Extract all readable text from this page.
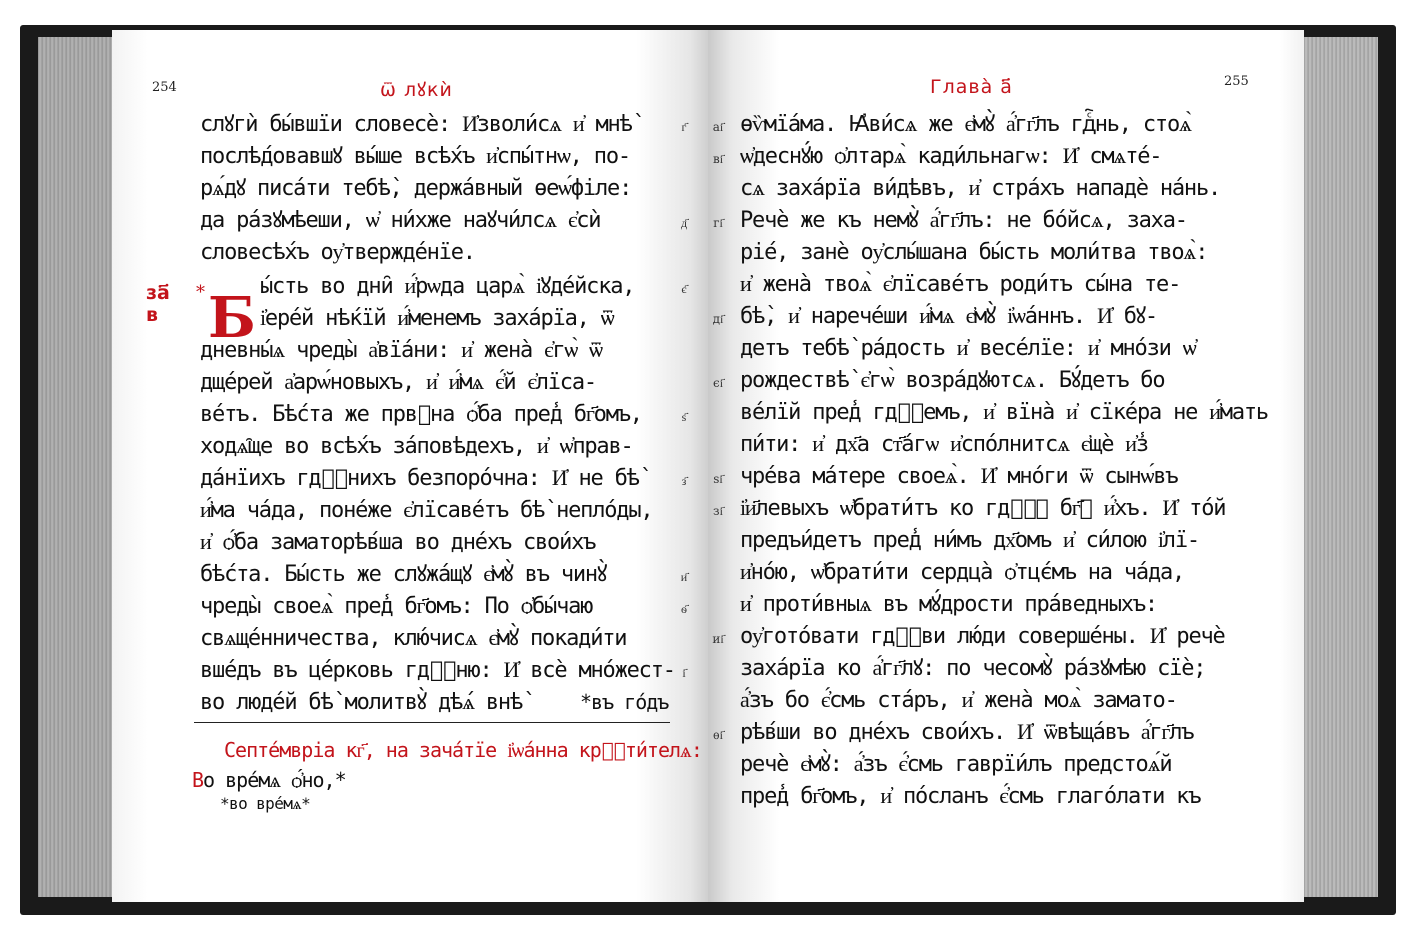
254	ѿ лꙋкѝ
за҃
в
* Б
слꙋгѝ бы́вшїи словесѐ: И҆зволи́сѧ и҆ мнѣ̀
послѣ́довавшꙋ вы́ше всѣ́хъ и҆спы́тнѡ, по-
рѧ́дꙋ писа́ти тебѣ̀, держа́вный ѳеѡ́філе:
да ра́зꙋмѣеши, ѡ҆ ни́хже наꙋчи́лсѧ є҆сѝ
словесѣ́хъ оу҆твержде́нїе.
ы́сть во дни̑ и҆́рѡда царѧ̀ і҆ꙋде́йска,
і҆ере́й нѣ́кїй и҆́менемъ заха́рїа, ѿ
дневны́ѧ чреды̀ а҆вїа́ни: и҆ жена̀ є҆гѡ̀ ѿ
дще́рей а҆арѡ́новыхъ, и҆ и҆́мѧ є҆́й є҆лїса-
ве́тъ. Бѣ́ста же првⷣна ѻ҆́ба пред̾ бг҃омъ,
ходѧ̑ще во всѣ́хъ за́повѣдехъ, и҆ ѡ҆прав-
да́нїихъ гдⷭ҇нихъ безпоро́чна: И҆ не бѣ̀
и҆́ма ча́да, поне́же є҆лїсаве́тъ бѣ̀ непло́ды,
и҆ ѻ҆́ба заматорѣ́вша во дне́хъ свои́хъ
бѣ́ста. Бы́сть же слꙋжа́щꙋ є҆мꙋ̀ въ чинꙋ̀
чреды̀ своеѧ̀ пред̾ бг҃омъ: По ѻ҆бы́чаю
свѧще́нничества, клю́чисѧ є҆мꙋ̀ покади́ти
вше́дъ въ це́рковь гдⷭ҇ню: И҆ всѐ мно́жест-
во люде́й бѣ̀ молитвꙋ̀ дѣ́ѧ внѣ̀	*въ го́дъ
г҃
д҃
є҃
ѕ҃
з҃
и҃
ѳ҃
і҃
Септе́мвріа кг҃, на зача́тїе і҆ѡа́нна крⷭ҇ти́телѧ:
Во вре́мѧ ѻ҆́но,*
*во вре́мѧ*
Глава̀ а҃	255
ѳѷмїа́ма. Ꙗ҆ви́сѧ же є҆мꙋ̀ а҆́гг҃лъ гдⷭ҇нь, стоѧ̀
ѡ҆деснꙋ́ю ѻ҆лтарѧ̀ кади́льнагѡ: И҆ смѧте́-
сѧ заха́рїа ви́дѣвъ, и҆ стра́хъ нападѐ на́нь.
Речѐ же къ немꙋ̀ а҆́гг҃лъ: не бо́йсѧ, заха-
рі́е, занѐ оу҆слы́шана бы́сть моли́тва твоѧ̀:
и҆ жена̀ твоѧ̀ є҆лїсаве́тъ роди́тъ сы́на те-
бѣ̀, и҆ нарече́ши и҆́мѧ є҆мꙋ̀ і҆ѡа́ннъ. И҆ бꙋ-
детъ тебѣ̀ ра́дость и҆ весе́лїе: и҆ мно́зи ѡ҆
рождествѣ̀ є҆гѡ̀ возра́дꙋютсѧ. Бꙋ́детъ бо
ве́лїй пред̾ гдⷭ҇емъ, и҆ вїна̀ и҆ сїке́ра не и҆́мать
пи́ти: и҆ дх҃а ст҃а́гѡ и҆спо́лнитсѧ є҆щѐ и҆з̾
чре́ва ма́тере своеѧ̀. И҆ мно́ги ѿ сынѡ́въ
і҆и҃левыхъ ѡ҆брати́тъ ко гдⷭ҇ꙋ бг҃ꙋ и҆́хъ. И҆ то́й
предъи́детъ пред̾ ни́мъ дх҃омъ и҆ си́лою і҆лї-
и҆но́ю, ѡ҆брати́ти сердца̀ ѻ҆тцє́мъ на ча́да,
и҆ проти́вныѧ въ мꙋ́дрости пра́ведныхъ:
оу҆гото́вати гдⷭ҇ви лю́ди соверше́ны. И҆ речѐ
заха́рїа ко а҆́гг҃лꙋ: по чесомꙋ̀ ра́зꙋмѣю сїѐ;
а҆́зъ бо є҆́смь ста́ръ, и҆ жена̀ моѧ̀ замато-
рѣ́вши во дне́хъ свои́хъ. И҆ ѿвѣща́въ а҆́гг҃лъ
речѐ є҆мꙋ̀: а҆́зъ є҆́смь гаврїи́лъ предстоѧ́й
пред̾ бг҃омъ, и҆ по́сланъ є҆́смь глаго́лати къ
аі҃
ві҃
гі҃
ді҃
єі҃
ѕі҃
зі҃
иі҃
ѳі҃
